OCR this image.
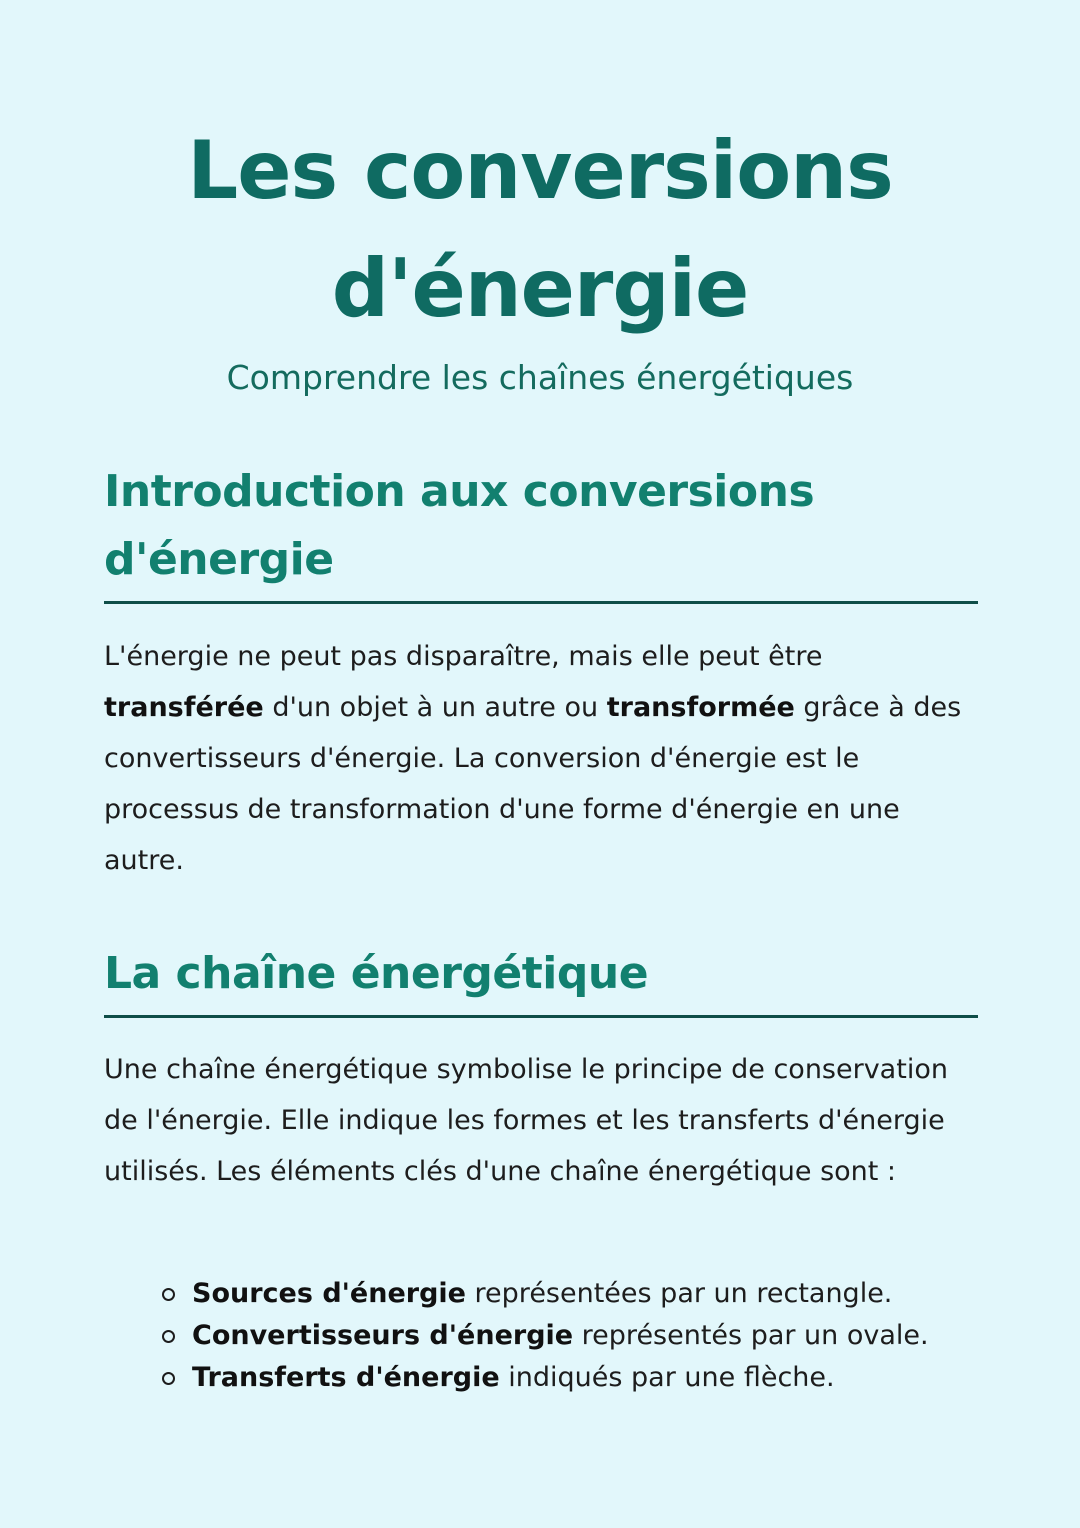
Les conversions
d'énergie

Comprendre les chaînes énergétiques

Introduction aux conversions
d'énergie

L'énergie ne peut pas disparaître, mais elle peut être transférée d'un objet à un autre ou transformée grâce à des convertisseurs d'énergie. La conversion d'énergie est le processus de transformation d'une forme d'énergie en une autre.

La chaîne énergétique

Une chaîne énergétique symbolise le principe de conservation de l'énergie. Elle indique les formes et les transferts d'énergie utilisés. Les éléments clés d'une chaîne énergétique sont :

Sources d'énergie représentées par un rectangle.
Convertisseurs d'énergie représentés par un ovale.
Transferts d'énergie indiqués par une flèche.
